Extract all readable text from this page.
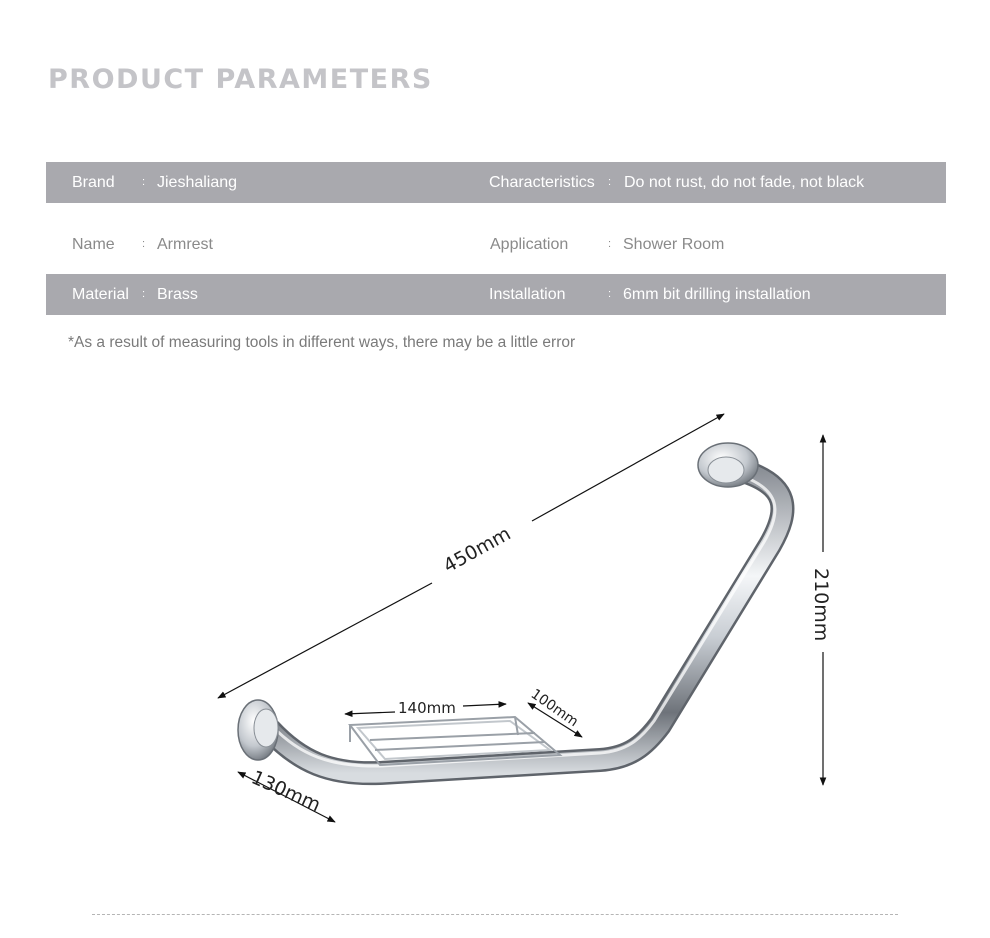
PRODUCT PARAMETERS
Brand : Jieshaliang	Characteristics : Do not rust, do not fade, not black
Name : Armrest	Application	: Shower Room
Material : Brass	Installation	: 6mm bit drilling installation
*As a result of measuring tools in different ways, there may be a little error
450mm
210mm
140mm	100mm
130mm
